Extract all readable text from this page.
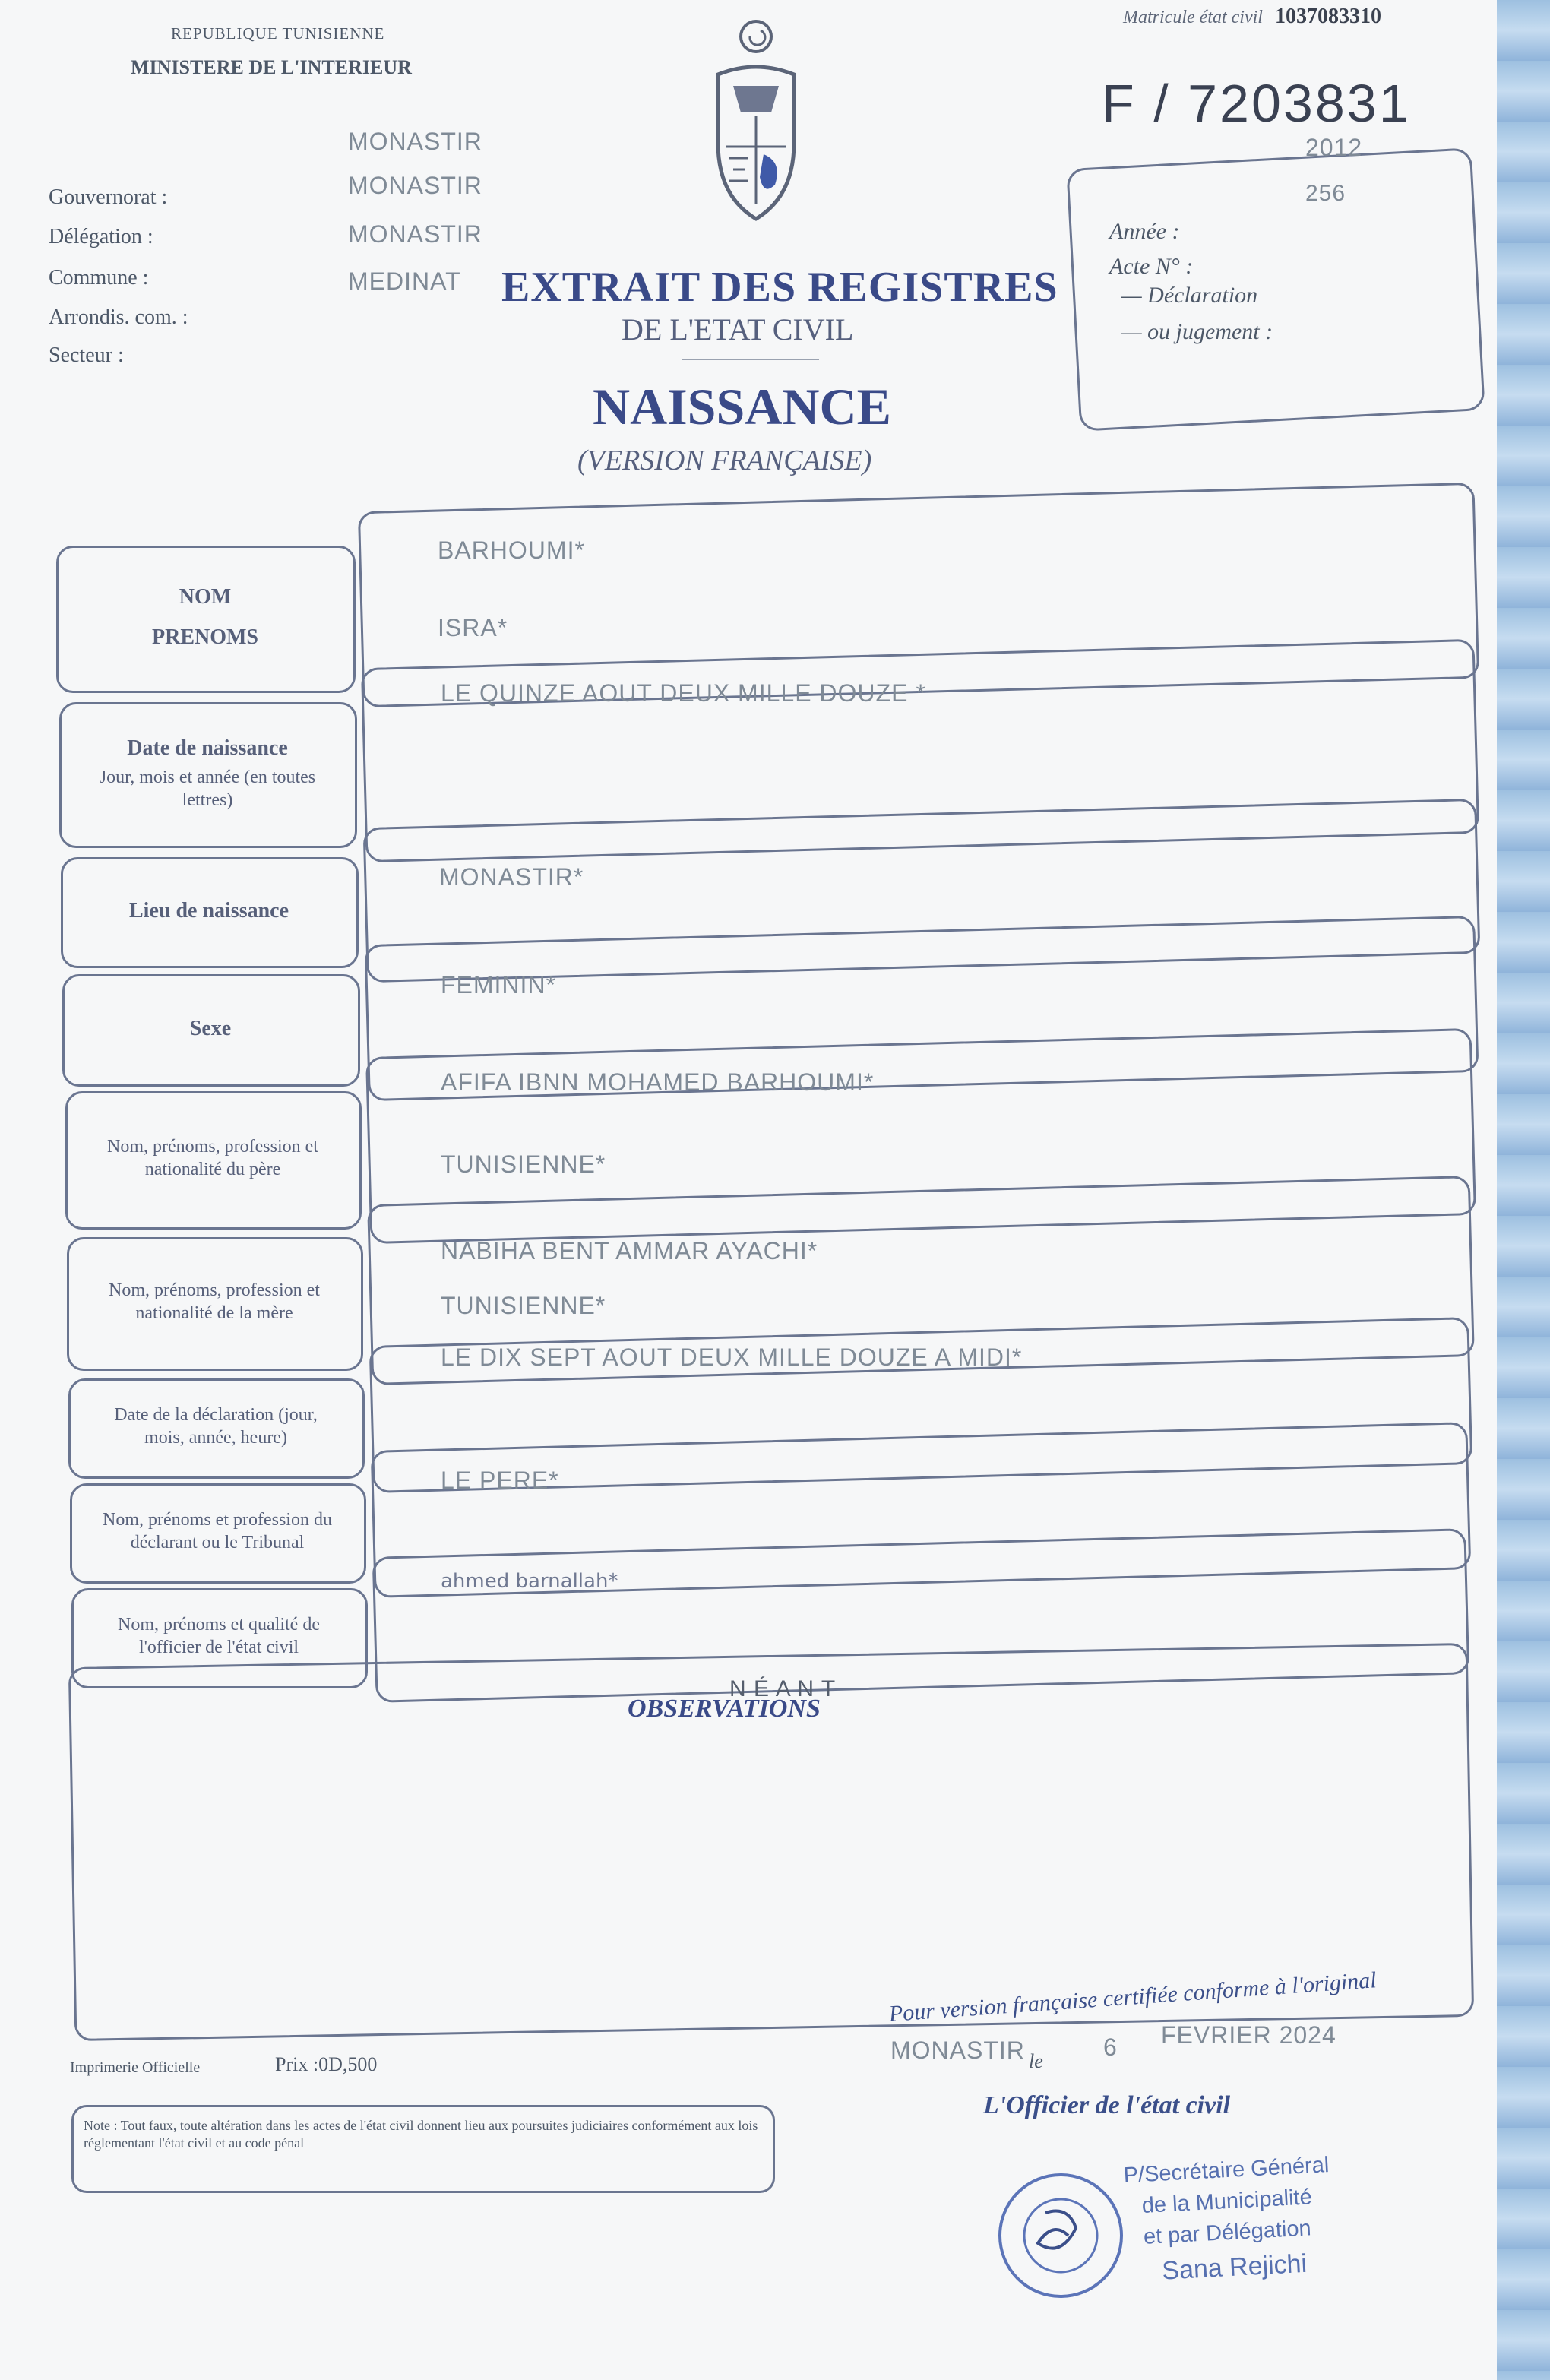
REPUBLIQUE TUNISIENNE
MINISTERE DE L'INTERIEUR
Gouvernorat :
Délégation :
Commune :
Arrondis. com. :
Secteur :
MONASTIR
MONASTIR
MONASTIR
MEDINAT EXTRAIT DES REGISTRES
DE L'ETAT CIVIL
NAISSANCE
(VERSION FRANÇAISE)
Matricule état civil 1037083310
F / 7203831
2012
256
Année :
Acte N° :
— Déclaration
— ou jugement :
NOM
PRENOMS
BARHOUMI*
ISRA*
Date de naissance
Jour, mois et année (en toutes lettres)
LE QUINZE AOUT DEUX MILLE DOUZE *
Lieu de naissance
MONASTIR*
Sexe
FEMININ*
Nom, prénoms, profession et nationalité du père
AFIFA IBNN MOHAMED BARHOUMI*
TUNISIENNE*
Nom, prénoms, profession et nationalité de la mère
NABIHA BENT AMMAR AYACHI*
TUNISIENNE*
Date de la déclaration (jour, mois, année, heure)
LE DIX SEPT AOUT DEUX MILLE DOUZE A MIDI*
Nom, prénoms et profession du déclarant ou le Tribunal
LE PERE*
Nom, prénoms et qualité de l'officier de l'état civil
ahmed barnallah*
OBSERVATIONS
N É A N T
Imprimerie Officielle	Prix :0D,500
Note : Tout faux, toute altération dans les actes de l'état civil donnent lieu aux poursuites judiciaires conformément aux lois réglementant l'état civil et au code pénal
Pour version française certifiée conforme à l'original
MONASTIR le
6 FEVRIER 2024
L'Officier de l'état civil
P/Secrétaire Général
de la Municipalité
et par Délégation
Sana Rejichi
